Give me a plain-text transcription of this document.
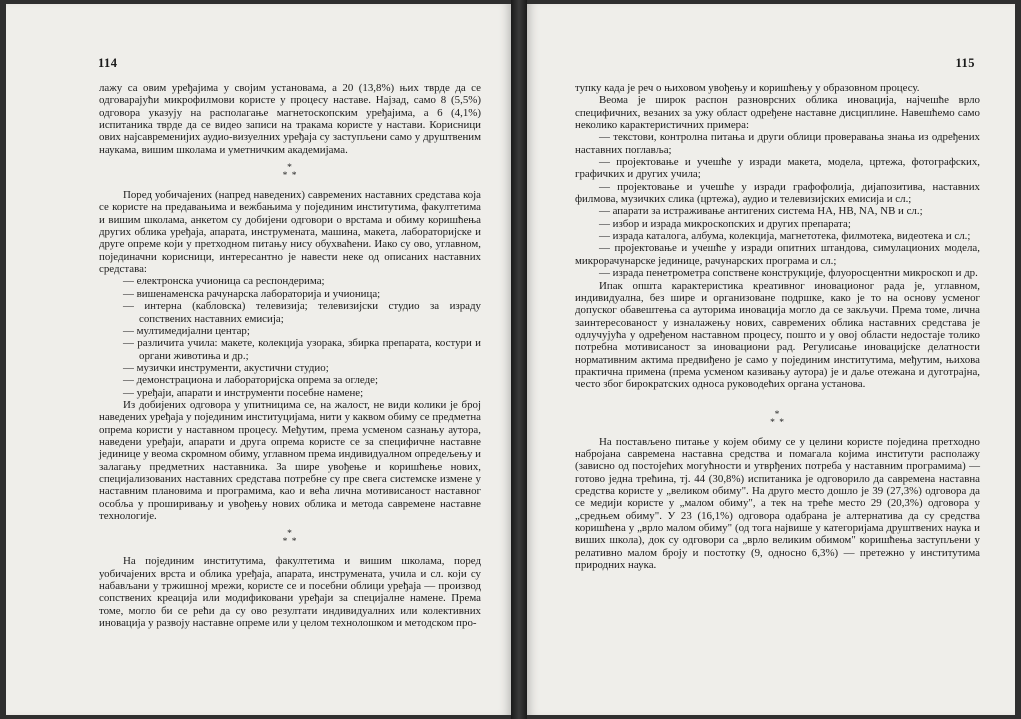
114

лажу са овим уређајима у својим установама, а 20 (13,8%) њих тврде да се одговарајући микрофилмови користе у процесу наставе. Најзад, само 8 (5,5%) одговора указују на располагање магнетоскопским уређајима, а 6 (4,1%) испитаника тврде да се видео записи на тракама користе у настави. Корисници ових најсавременијих аудио-визуелних уређаја су заступљени само у друштвеним наукама, вишим школама и уметничким академијама.

*
* *

Поред уобичајених (напред наведених) савремених наставних средстава која се користе на предавањима и вежбањима у појединим институтима, факултетима и вишим школама, анкетом су добијени одговори о врстама и обиму коришћења других облика уређаја, апарата, инструмената, машина, макета, лабораторијске и друге опреме који у претходном питању нису обухваћени. Иако су ово, углавном, појединачни корисници, интересантно је навести неке од описаних наставних средстава:

— електронска учионица са респондерима;

— вишенаменска рачунарска лабораторија и учионица;

— интерна (кабловска) телевизија; телевизијски студио за израду сопствених наставних емисија;

— мултимедијални центар;

— различита учила: макете, колекција узорака, збирка препарата, костури и органи животиња и др.;

— музички инструменти, акустични студио;

— демонстрациона и лабораторијска опрема за огледе;

— уређаји, апарати и инструменти посебне намене;

Из добијених одговора у упитницима се, на жалост, не види колики је број наведених уређаја у појединим институцијама, нити у каквом обиму се предметна опрема користи у наставном процесу. Међутим, према усменом сазнању аутора, наведени уређаји, апарати и друга опрема користе се за специфичне наставне јединице у веома скромном обиму, углавном према индивидуалном опредељењу и залагању предметних наставника. За шире увођење и коришћење нових, специјализованих наставних средстава потребне су пре свега системске измене у наставним плановима и програмима, као и већа лична мотивисаност наставног особља у проширивању и увођењу нових облика и метода савремене наставне технологије.

*
* *

На појединим институтима, факултетима и вишим школама, поред уобичајених врста и облика уређаја, апарата, инструмената, учила и сл. који су набављани у тржишној мрежи, користе се и посебни облици уређаја — производ сопствених креација или модификовани уређаји за специјалне намене. Према томе, могло би се рећи да су ово резултати индивидуалних или колективних иновација у развоју наставне опреме или у целом технолошком и методском про-

115

тупку када је реч о њиховом увођењу и коришћењу у образовном процесу.

Веома је широк распон разноврсних облика иновација, најчешће врло специфичних, везаних за ужу област одређене наставне дисциплине. Навешћемо само неколико карактеристичних примера:

— текстови, контролна питања и други облици проверавања знања из одређених наставних поглавља;

— пројектовање и учешће у изради макета, модела, цртежа, фотографских, графичких и других учила;

— пројектовање и учешће у изради графофолија, дијапозитива, наставних филмова, музичких слика (цртежа), аудио и телевизијских емисија и сл.;

— апарати за истраживање антигених система HA, HB, NA, NB и сл.;

— избор и израда микроскопских и других препарата;

— израда каталога, албума, колекција, магнетотека, филмотека, видеотека и сл.;

— пројектовање и учешће у изради опитних штандова, симулационих модела, микрорачунарске јединице, рачунарских програма и сл.;

— израда пенетрометра сопствене конструкције, флуоросцентни микроскоп и др.

Ипак општа карактеристика креативног иновационог рада је, углавном, индивидуална, без шире и организоване подршке, како је то на основу усменог допуског обавештења са ауторима иновација могло да се закључи. Према томе, лична заинтересованост у изналажењу нових, савремених облика наставних средстава је одлучујућа у одређеном наставном процесу, пошто и у овој области недостаје толико потребна мотивисаност за иновациони рад. Регулисање иновацијске делатности нормативним актима предвиђено је само у појединим институтима, међутим, њихова практична примена (према усменом казивању аутора) је и даље отежана и дуготрајна, често због бирократских односа руководећих органа установа.

*
* *

На постављено питање у којем обиму се у целини користе поједина претходно набројана савремена наставна средства и помагала којима институти располажу (зависно од постојећих могућности и утврђених потреба у наставним програмима) — готово једна трећина, тј. 44 (30,8%) испитаника је одговорило да савремена наставна средства користе у „великом обиму". На друго место дошло је 39 (27,3%) одговора да се медији користе у „малом обиму", а тек на треће место 29 (20,3%) одговора у „средњем обиму". У 23 (16,1%) одговора одабрана је алтернатива да су средства коришћена у „врло малом обиму" (од тога највише у категоријама друштвених наука и виших школа), док су одговори са „врло великим обимом" коришћења заступљени у релативно малом броју и постотку (9, односно 6,3%) — претежно у институтима природних наука.
